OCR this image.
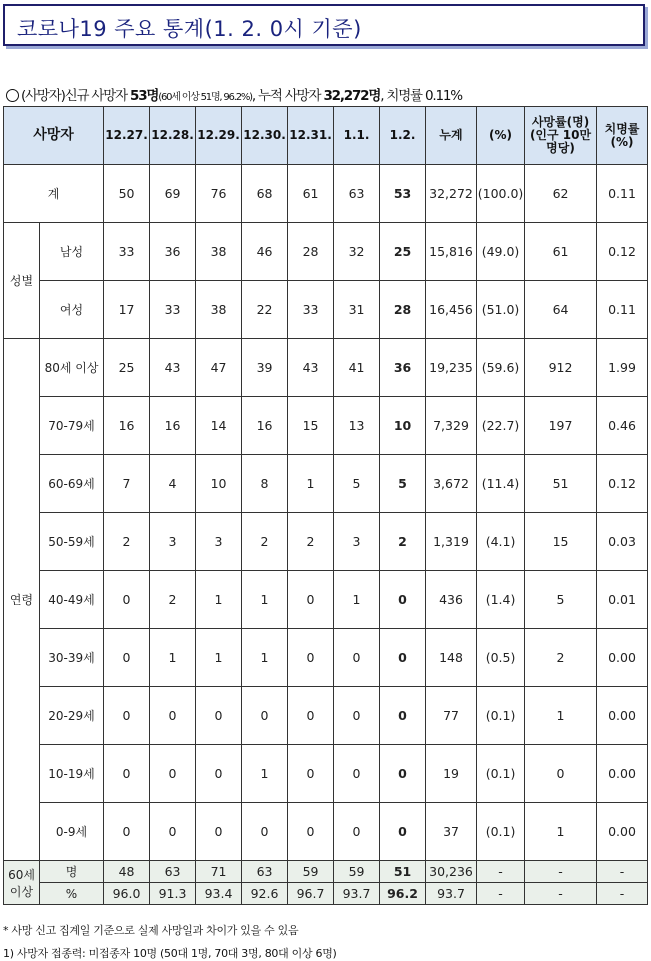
코로나19 주요 통계(1. 2. 0시 기준)
(사망자)신규 사망자 53명(60세 이상 51명, 96.2%), 누적 사망자 32,272명, 치명률 0.11%
사망자		12.27.	12.28.	12.29.	12.30.	12.31.	1.1.	1.2.	누계	(%)	사망률(명)(인구 10만명당)	치명률(%)
계		50	69	76	68	61	63	53	32,272	(100.0)	62	0.11
성별	남성	33	36	38	46	28	32	25	15,816	(49.0)	61	0.12
	여성	17	33	38	22	33	31	28	16,456	(51.0)	64	0.11
연령	80세 이상	25	43	47	39	43	41	36	19,235	(59.6)	912	1.99
	70-79세	16	16	14	16	15	13	10	7,329	(22.7)	197	0.46
	60-69세	7	4	10	8	1	5	5	3,672	(11.4)	51	0.12
	50-59세	2	3	3	2	2	3	2	1,319	(4.1)	15	0.03
	40-49세	0	2	1	1	0	1	0	436	(1.4)	5	0.01
	30-39세	0	1	1	1	0	0	0	148	(0.5)	2	0.00
	20-29세	0	0	0	0	0	0	0	77	(0.1)	1	0.00
	10-19세	0	0	0	1	0	0	0	19	(0.1)	0	0.00
	0-9세	0	0	0	0	0	0	0	37	(0.1)	1	0.00
60세 이상	명	48	63	71	63	59	59	51	30,236	-	-	-
	%	96.0	91.3	93.4	92.6	96.7	93.7	96.2	93.7	-	-	-
* 사망 신고 집계일 기준으로 실제 사망일과 차이가 있을 수 있음
1) 사망자 접종력: 미접종자 10명 (50대 1명, 70대 3명, 80대 이상 6명)
